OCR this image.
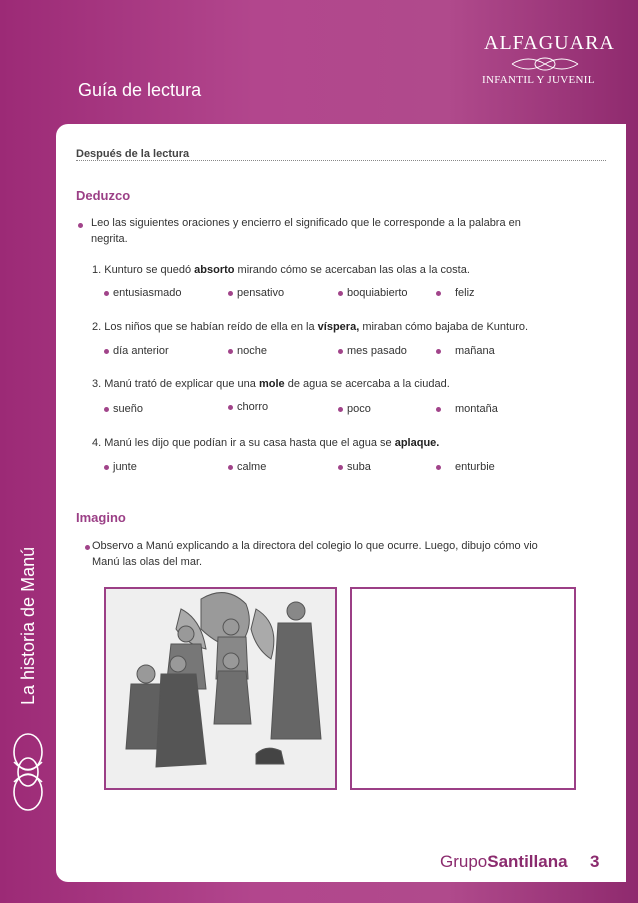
La historia de Manú
Guía de lectura
ALFAGUARA
INFANTIL Y JUVENIL
Después de la lectura
Deduzco
Leo las siguientes oraciones y encierro el significado que le corresponde a la palabra en
negrita.
1. Kunturo se quedó absorto mirando cómo se acercaban las olas a la costa.
entusiasmado	pensativo	boquiabierto	feliz
2. Los niños que se habían reído de ella en la víspera, miraban cómo bajaba de Kunturo.
día anterior	noche	mes pasado	mañana
3. Manú trató de explicar que una mole de agua se acercaba a la ciudad.
sueño	chorro	poco	montaña
4. Manú les dijo que podían ir a su casa hasta que el agua se aplaque.
junte	calme	suba	enturbie
Imagino
Observo a Manú explicando a la directora del colegio lo que ocurre. Luego, dibujo cómo vio
Manú las olas del mar.
GrupoSantillana 3
